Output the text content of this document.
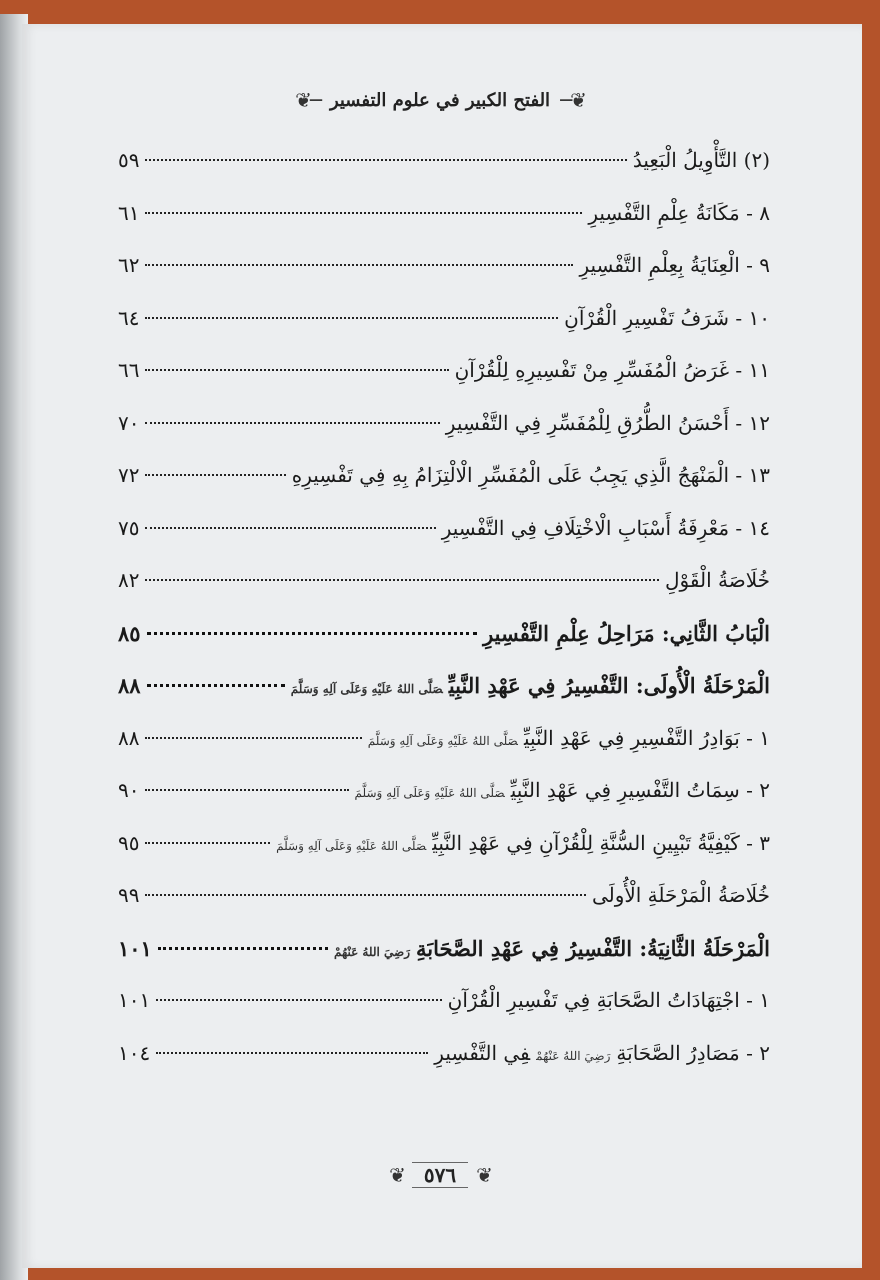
❦─
الفتح الكبير في علوم التفسير
─❦
(٢) التَّأْوِيلُ الْبَعِيدُ
٥٩
٨ - مَكَانَةُ عِلْمِ التَّفْسِيرِ
٦١
٩ - الْعِنَايَةُ بِعِلْمِ التَّفْسِيرِ
٦٢
١٠ - شَرَفُ تَفْسِيرِ الْقُرْآنِ
٦٤
١١ - غَرَضُ الْمُفَسِّرِ مِنْ تَفْسِيرِهِ لِلْقُرْآنِ
٦٦
١٢ - أَحْسَنُ الطُّرُقِ لِلْمُفَسِّرِ فِي التَّفْسِيرِ
٧٠
١٣ - الْمَنْهَجُ الَّذِي يَجِبُ عَلَى الْمُفَسِّرِ الْالْتِزَامُ بِهِ فِي تَفْسِيرِهِ
٧٢
١٤ - مَعْرِفَةُ أَسْبَابِ الْاخْتِلَافِ فِي التَّفْسِيرِ
٧٥
خُلَاصَةُ الْقَوْلِ
٨٢
الْبَابُ الثَّانِي: مَرَاحِلُ عِلْمِ التَّفْسِيرِ
٨٥
الْمَرْحَلَةُ الْأُولَى: التَّفْسِيرُ فِي عَهْدِ النَّبِيِّصَلَّى اللهُ عَلَيْهِ وَعَلَى آلِهِ وَسَلَّمَ
٨٨
١ - بَوَادِرُ التَّفْسِيرِ فِي عَهْدِ النَّبِيِّصَلَّى اللهُ عَلَيْهِ وَعَلَى آلِهِ وَسَلَّمَ
٨٨
٢ - سِمَاتُ التَّفْسِيرِ فِي عَهْدِ النَّبِيِّصَلَّى اللهُ عَلَيْهِ وَعَلَى آلِهِ وَسَلَّمَ
٩٠
٣ - كَيْفِيَّةُ تَبْيِينِ السُّنَّةِ لِلْقُرْآنِ فِي عَهْدِ النَّبِيِّصَلَّى اللهُ عَلَيْهِ وَعَلَى آلِهِ وَسَلَّمَ
٩٥
خُلَاصَةُ الْمَرْحَلَةِ الْأُولَى
٩٩
الْمَرْحَلَةُ الثَّانِيَةُ: التَّفْسِيرُ فِي عَهْدِ الصَّحَابَةِرَضِيَ اللهُ عَنْهُمْ
١٠١
١ - اجْتِهَادَاتُ الصَّحَابَةِ فِي تَفْسِيرِ الْقُرْآنِ
١٠١
٢ - مَصَادِرُ الصَّحَابَةِرَضِيَ اللهُ عَنْهُمْفِي التَّفْسِيرِ
١٠٤
❦
٥٧٦
❦
